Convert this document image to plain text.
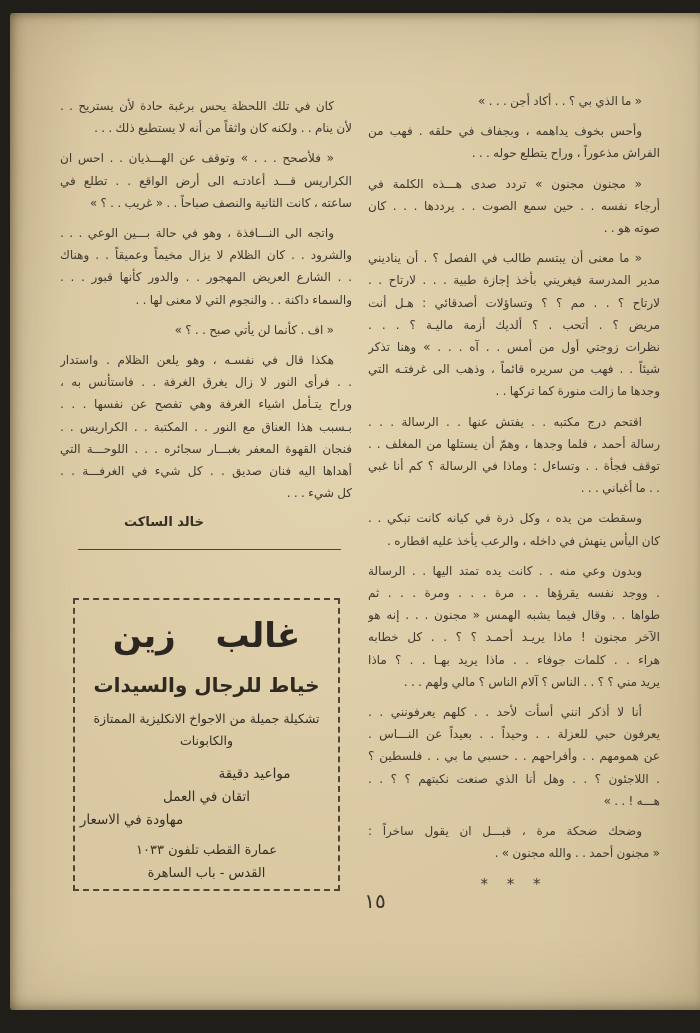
« ما الذي بي ؟ . . أكاد أجن . . . »
وأحس بخوف يداهمه ، وبجفاف في حلقه . فهب من
الفراش مذعوراً ، وراح يتطلع حوله . . .
« مجنون مجنون » تردد صدى هـــذه الكلمة في
أرجاء نفسه . . حين سمع الصوت . . يرددها . . . كان
صوته هو . .
« ما معنى أن يبتسم طالب في الفصل ؟ . أن يناديني
مدير المدرسة فيغريني بأخذ إجازة طبية . . . لارتاح . .
لارتاح ؟ . . مم ؟ ؟ وتساؤلات أصدقائي : هـل أنت
مريض ؟ . أتحب . ؟ ألديك أزمة ماليـة ؟ . . .
نظرات زوجتي أول من أمس . . آه . . . » وهنا تذكر
شيئاً . . فهب من سريره قائماً ، وذهب الى غرفتـه التي
وجدها ما زالت منورة كما تركها . .
اقتحم درج مكتبه . . يفتش عنها . . الرسالة . . .
رسالة أحمد ، فلما وجدها ، وهمّ أن يستلها من المغلف . .
توقف فجأة . . وتساءل : وماذا في الرسالة ؟ كم أنا غبي
. . ما أغباني . . .
وسقطت من يده ، وكل ذرة في كيانه كانت تبكي . .
كان اليأس ينهش في داخله ، والرعب يأخذ عليه اقطاره .
وبدون وعي منه . . كانت يده تمتد اليها . . الرسالة
. ووجد نفسه يقرؤها . . مرة . . . ومرة . . . ثم
طواها . . وقال فيما يشبه الهمس « مجنون . . . إنه هو
الآخر مجنون ! ماذا يريـد أحمـد ؟ ؟ . . كل خطابه
هراء . . كلمات جوفاء . . ماذا يريد بهـا . . ؟ ماذا
يريد مني ؟ ؟ . . الناس ؟ آلام الناس ؟ مالي ولهم . . .
أنا لا أذكر انني أسأت لأحد . . كلهم يعرفونني . .
يعرفون حبي للعزلة . . وحيداً . . بعيداً عن النـــاس .
عن همومهم . . وأفراحهم . . حسبي ما بي . . فلسطين ؟
. اللاجئون ؟ . . وهل أنا الذي صنعت نكبتهم ؟ ؟ . .
هـــه ! . . »
وضحك ضحكة مرة ، قبـــل ان يقول ساخراً :
« مجنون أحمد . . والله مجنون » .
* * *
كان في تلك اللحظة يحس برغبة حادة لأن يستريح . .
لأن ينام . . ولكنه كان واثقاً من أنه لا يستطيع ذلك . . .
« فلأصحح . . . » وتوقف عن الهـــذيان . . احس ان
الكراريس قـــد أعادتـه الى أرض الواقع . . تطلع في
ساعته ، كانت الثانية والنصف صباحاً . . « غريب . . ؟ »
واتجه الى النـــافذة ، وهو في حالة بـــين الوعي . . .
والشرود . . كان الظلام لا يزال مخيماً وعميقاً . . وهناك
. . الشارع العريض المهجور . . والدور كأنها قبور . . .
والسماء داكنة . . والنجوم التي لا معنى لها . .
« اف . كأنما لن يأتي صبح . . ؟ »
هكذا قال في نفسـه ، وهو يلعن الظلام . واستدار
. . فرأى النور لا زال يغرق الغرفة . . فاستأنس به ،
وراح يتـأمل اشياء الغرفة وهي تفصح عن نفسها . . .
بـسبب هذا العناق مع النور . . المكتبة . . الكراريس . .
فنجان القهوة المعفر بغبـــار سجائره . . . اللوحـــة التي
أهداها اليه فنان صديق . . كل شيء في الغرفـــة . .
كل شيء . . .
خالد الساكت
غالب زين
خياط للرجال والسيدات
تشكيلة جميلة من الاجواخ الانكليزية الممتازة
والكابونات
مواعيد دقيقة
اتقان في العمل
مهاودة في الاسعار
عمارة القطب تلفون ١٠٣٣
القدس - باب الساهرة
١٥
